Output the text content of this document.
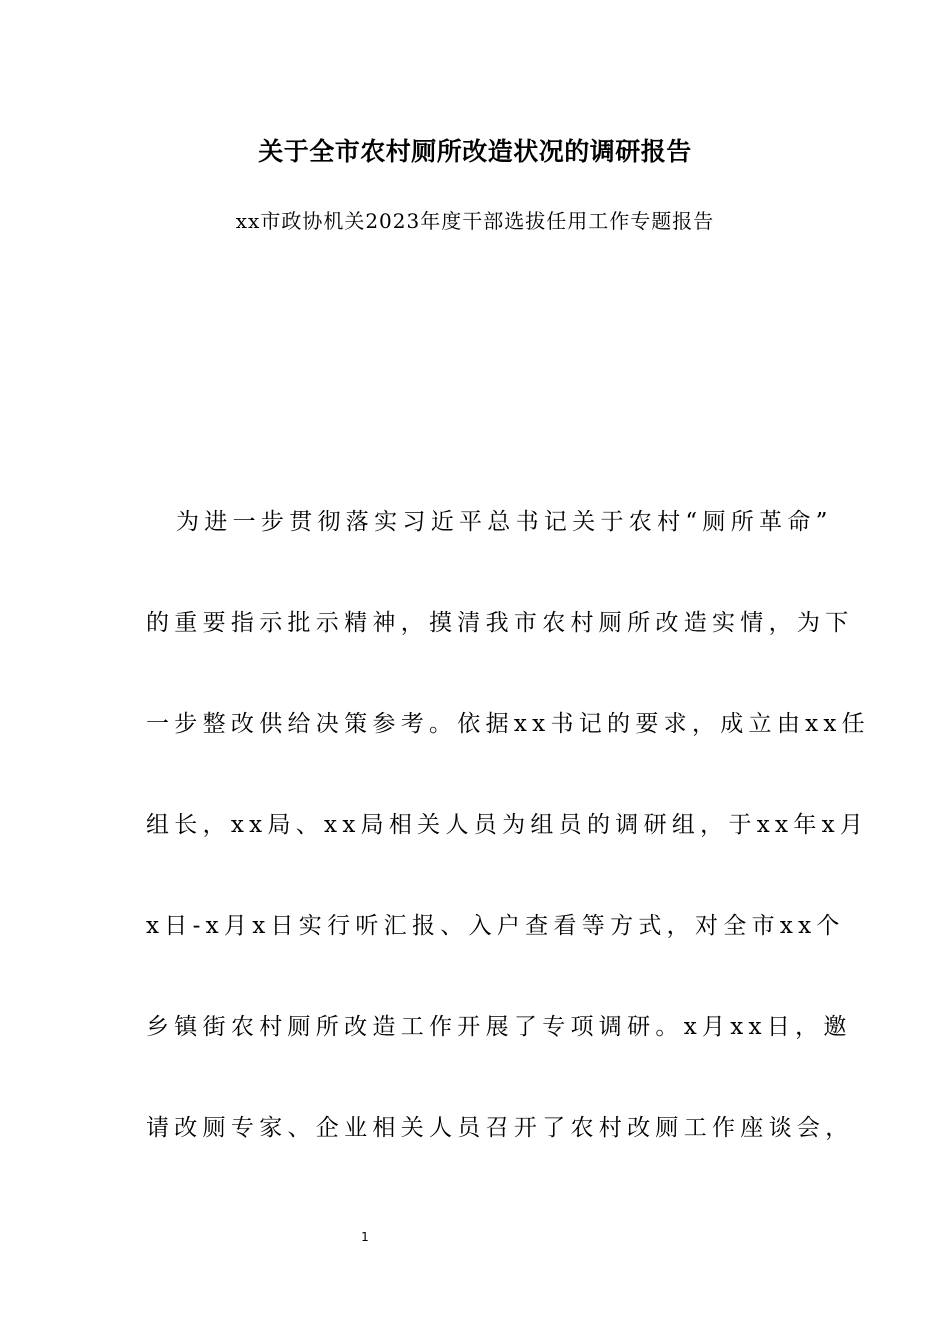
关于全市农村厕所改造状况的调研报告

xx市政协机关2023年度干部选拔任用工作专题报告

为进一步贯彻落实习近平总书记关于农村“厕所革命”
的重要指示批示精神，摸清我市农村厕所改造实情，为下
一步整改供给决策参考。依据xx书记的要求，成立由xx任
组长，xx局、xx局相关人员为组员的调研组，于xx年x月
x日-x月x日实行听汇报、入户查看等方式，对全市xx个
乡镇街农村厕所改造工作开展了专项调研。x月xx日，邀
请改厕专家、企业相关人员召开了农村改厕工作座谈会，
1
